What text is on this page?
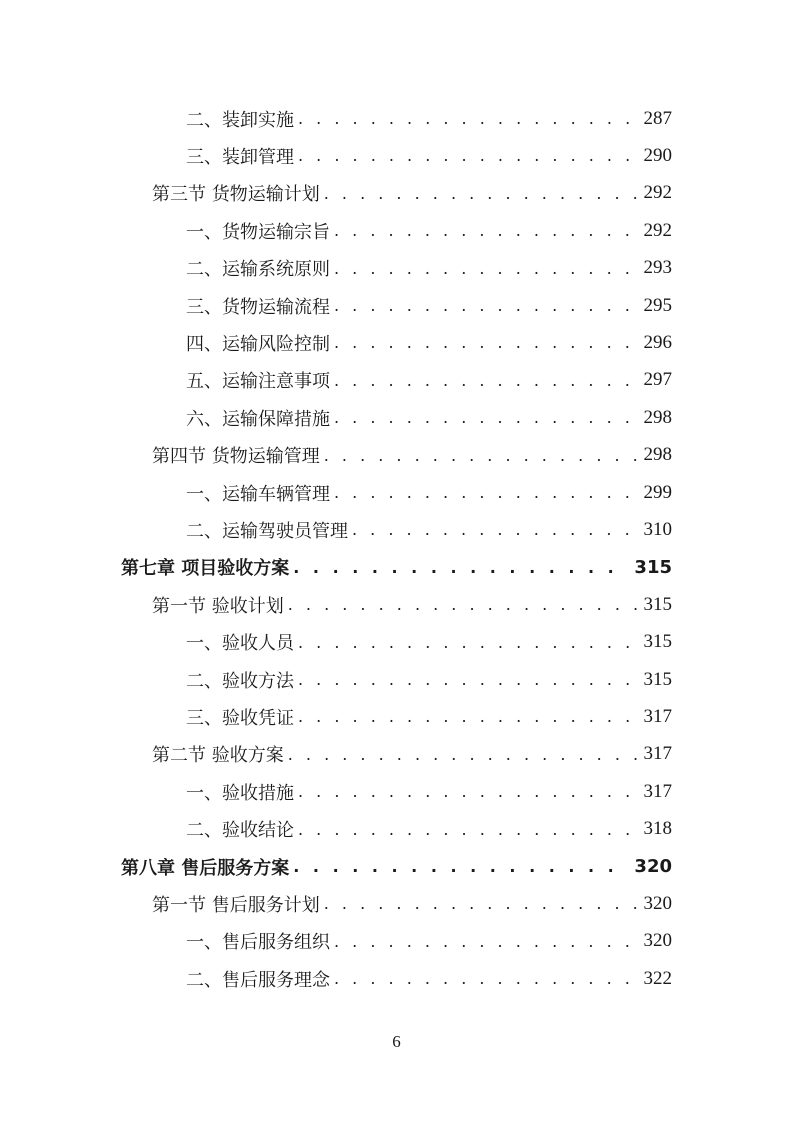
二、装卸实施 . . .	287
三、装卸管理 . . .	290
第三节 货物运输计划 . . .	292
一、货物运输宗旨 . . .	292
二、运输系统原则 . . .	293
三、货物运输流程 . . .	295
四、运输风险控制 . . .	296
五、运输注意事项 . . .	297
六、运输保障措施 . . .	298
第四节 货物运输管理 . . .	298
一、运输车辆管理 . . .	299
二、运输驾驶员管理 . . .	310
第七章 项目验收方案 . . .	315
第一节 验收计划 . . .	315
一、验收人员 . . .	315
二、验收方法 . . .	315
三、验收凭证 . . .	317
第二节 验收方案 . . .	317
一、验收措施 . . .	317
二、验收结论 . . .	318
第八章 售后服务方案 . . .	320
第一节 售后服务计划 . . .	320
一、售后服务组织 . . .	320
二、售后服务理念 . . .	322
6
